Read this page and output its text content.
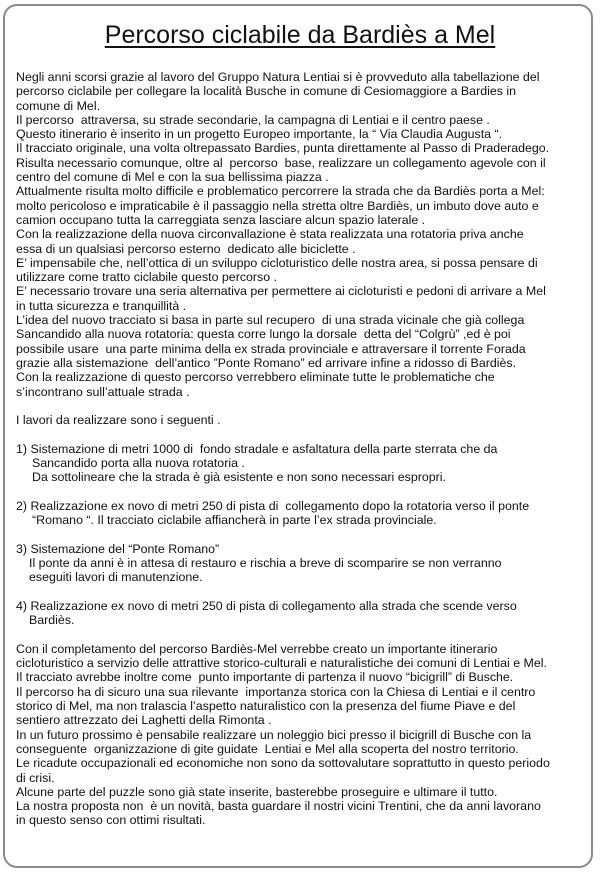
Percorso ciclabile da Bardiès a Mel
Negli anni scorsi grazie al lavoro del Gruppo Natura Lentiai si è provveduto alla tabellazione del
percorso ciclabile per collegare la località Busche in comune di Cesiomaggiore a Bardies in
comune di Mel.
Il percorso  attraversa, su strade secondarie, la campagna di Lentiai e il centro paese .
Questo itinerario è inserito in un progetto Europeo importante, la “ Via Claudia Augusta “.
Il tracciato originale, una volta oltrepassato Bardies, punta direttamente al Passo di Praderadego.
Risulta necessario comunque, oltre al  percorso  base, realizzare un collegamento agevole con il
centro del comune di Mel e con la sua bellissima piazza .
Attualmente risulta molto difficile e problematico percorrere la strada che da Bardiès porta a Mel:
molto pericoloso e impraticabile è il passaggio nella stretta oltre Bardiès, un imbuto dove auto e
camion occupano tutta la carreggiata senza lasciare alcun spazio laterale .
Con la realizzazione della nuova circonvallazione è stata realizzata una rotatoria priva anche
essa di un qualsiasi percorso esterno  dedicato alle biciclette .
E’ impensabile che, nell’ottica di un sviluppo cicloturistico delle nostra area, si possa pensare di
utilizzare come tratto ciclabile questo percorso .
E’ necessario trovare una seria alternativa per permettere ai cicloturisti e pedoni di arrivare a Mel
in tutta sicurezza e tranquillità .
L’idea del nuovo tracciato si basa in parte sul recupero  di una strada vicinale che già collega
Sancandido alla nuova rotatoria: questa corre lungo la dorsale  detta del “Colgrù” ,ed è poi
possibile usare  una parte minima della ex strada provinciale e attraversare il torrente Forada
grazie alla sistemazione  dell’antico ”Ponte Romano” ed arrivare infine a ridosso di Bardiès.
Con la realizzazione di questo percorso verrebbero eliminate tutte le problematiche che
s’incontrano sull’attuale strada .
I lavori da realizzare sono i seguenti .
1) Sistemazione di metri 1000 di  fondo stradale e asfaltatura della parte sterrata che da
Sancandido porta alla nuova rotatoria .
Da sottolineare che la strada è già esistente e non sono necessari espropri.
2) Realizzazione ex novo di metri 250 di pista di  collegamento dopo la rotatoria verso il ponte
“Romano “. Il tracciato ciclabile affiancherà in parte l’ex strada provinciale.
3) Sistemazione del “Ponte Romano”
Il ponte da anni è in attesa di restauro e rischia a breve di scomparire se non verranno
eseguiti lavori di manutenzione.
4) Realizzazione ex novo di metri 250 di pista di collegamento alla strada che scende verso
Bardiès.
Con il completamento del percorso Bardiès-Mel verrebbe creato un importante itinerario
cicloturistico a servizio delle attrattive storico-culturali e naturalistiche dei comuni di Lentiai e Mel.
Il tracciato avrebbe inoltre come  punto importante di partenza il nuovo “bicigrill” di Busche.
Il percorso ha di sicuro una sua rilevante  importanza storica con la Chiesa di Lentiai e il centro
storico di Mel, ma non tralascia l’aspetto naturalistico con la presenza del fiume Piave e del
sentiero attrezzato dei Laghetti della Rimonta .
In un futuro prossimo è pensabile realizzare un noleggio bici presso il bicigrill di Busche con la
conseguente  organizzazione di gite guidate  Lentiai e Mel alla scoperta del nostro territorio.
Le ricadute occupazionali ed economiche non sono da sottovalutare soprattutto in questo periodo
di crisi.
Alcune parte del puzzle sono già state inserite, basterebbe proseguire e ultimare il tutto.
La nostra proposta non  è un novità, basta guardare il nostri vicini Trentini, che da anni lavorano
in questo senso con ottimi risultati.
